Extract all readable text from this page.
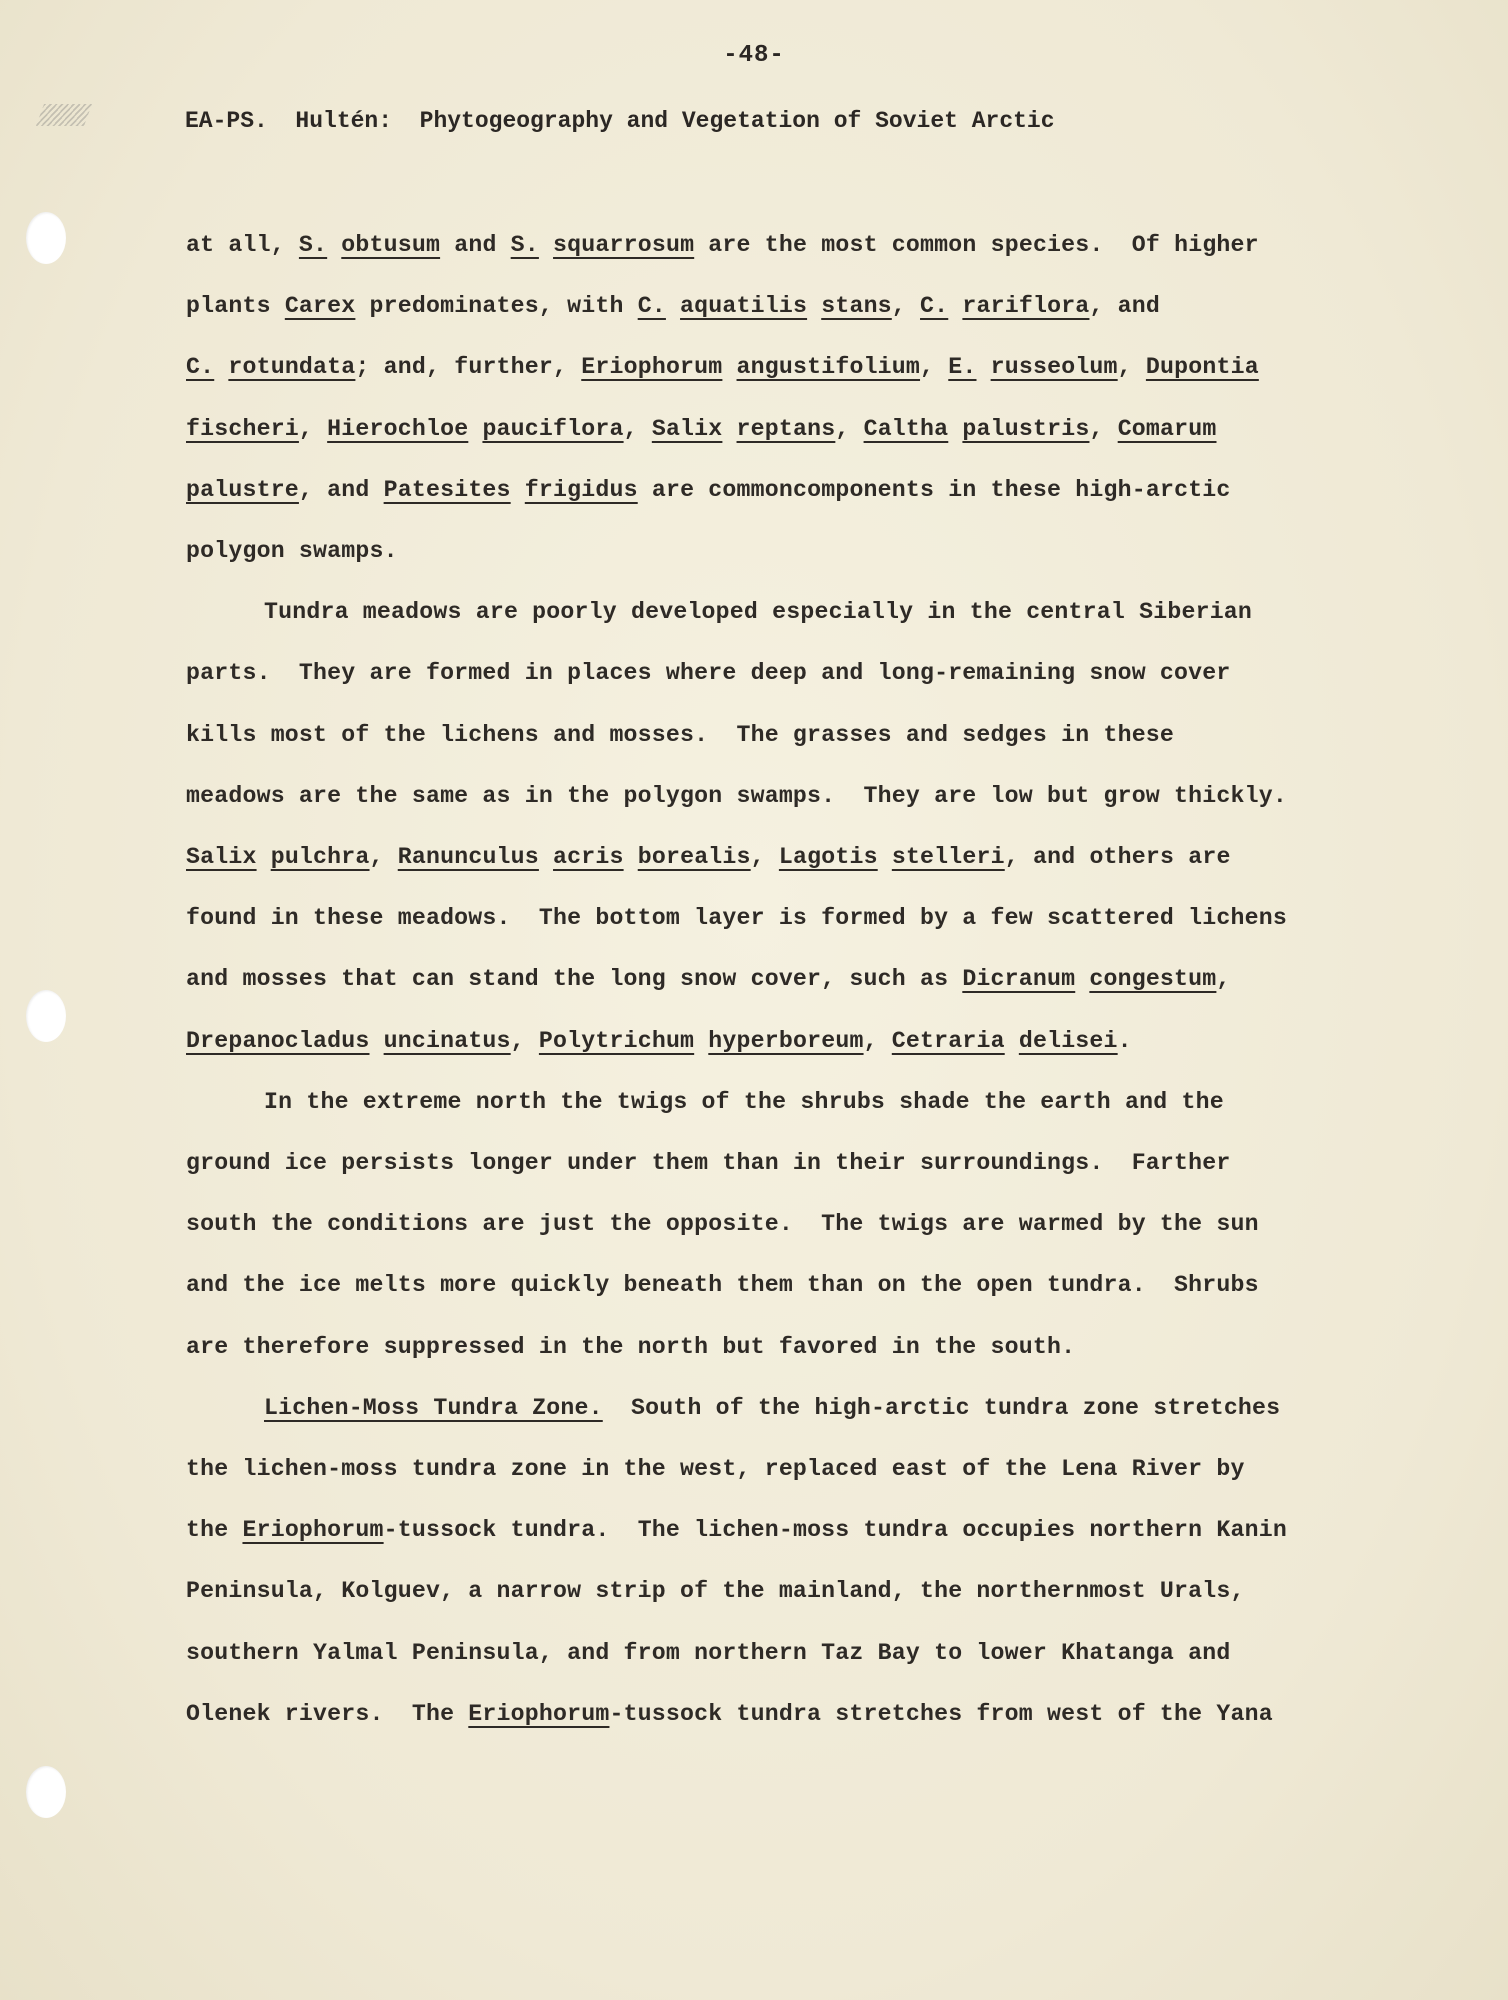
-48-
EA-PS.  Hultén:  Phytogeography and Vegetation of Soviet Arctic
at all, S. obtusum and S. squarrosum are the most common species.  Of higher
plants Carex predominates, with C. aquatilis stans, C. rariflora, and
C. rotundata; and, further, Eriophorum angustifolium, E. russeolum, Dupontia
fischeri, Hierochloe pauciflora, Salix reptans, Caltha palustris, Comarum
palustre, and Patesites frigidus are commoncomponents in these high-arctic
polygon swamps.
Tundra meadows are poorly developed especially in the central Siberian
parts.  They are formed in places where deep and long-remaining snow cover
kills most of the lichens and mosses.  The grasses and sedges in these
meadows are the same as in the polygon swamps.  They are low but grow thickly.
Salix pulchra, Ranunculus acris borealis, Lagotis stelleri, and others are
found in these meadows.  The bottom layer is formed by a few scattered lichens
and mosses that can stand the long snow cover, such as Dicranum congestum,
Drepanocladus uncinatus, Polytrichum hyperboreum, Cetraria delisei.
In the extreme north the twigs of the shrubs shade the earth and the
ground ice persists longer under them than in their surroundings.  Farther
south the conditions are just the opposite.  The twigs are warmed by the sun
and the ice melts more quickly beneath them than on the open tundra.  Shrubs
are therefore suppressed in the north but favored in the south.
Lichen-Moss Tundra Zone.  South of the high-arctic tundra zone stretches
the lichen-moss tundra zone in the west, replaced east of the Lena River by
the Eriophorum-tussock tundra.  The lichen-moss tundra occupies northern Kanin
Peninsula, Kolguev, a narrow strip of the mainland, the northernmost Urals,
southern Yalmal Peninsula, and from northern Taz Bay to lower Khatanga and
Olenek rivers.  The Eriophorum-tussock tundra stretches from west of the Yana
